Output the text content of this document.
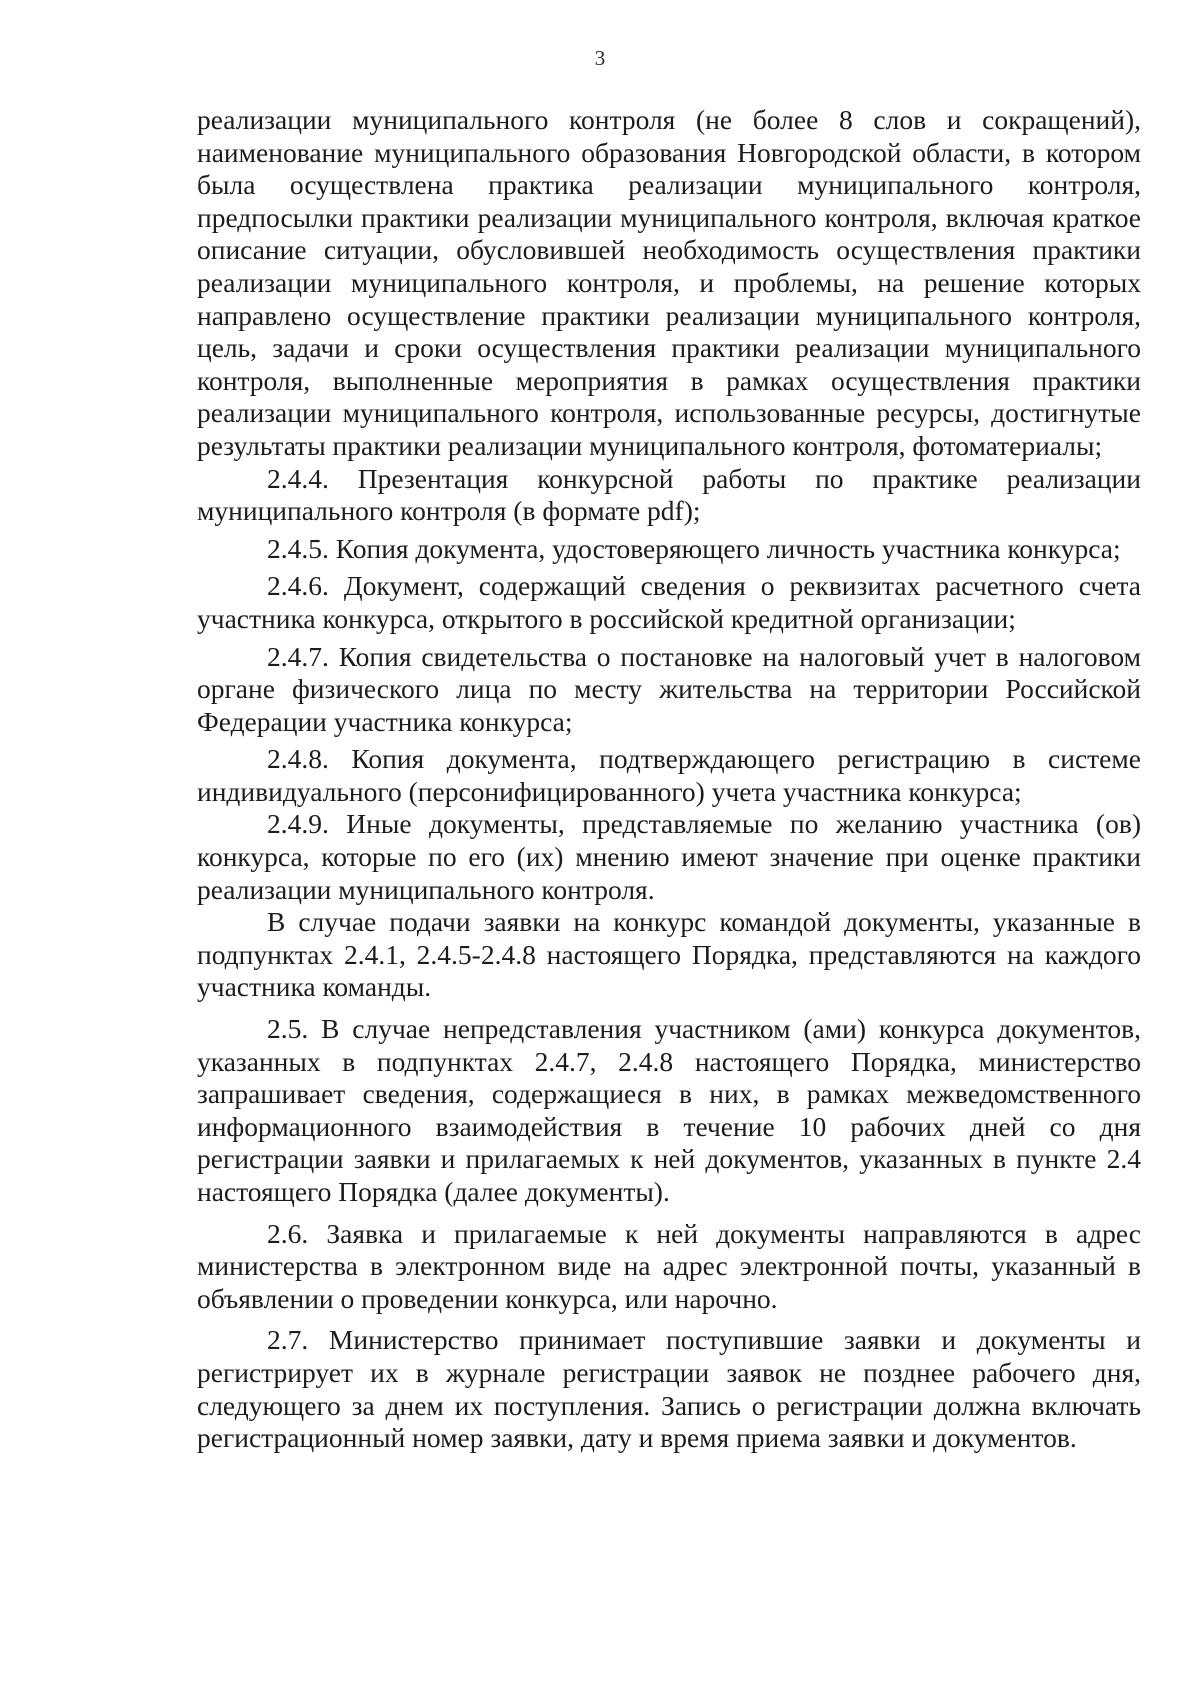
3

реализации муниципального контроля (не более 8 слов и сокращений), наименование муниципального образования Новгородской области, в котором была осуществлена практика реализации муниципального контроля, предпосылки практики реализации муниципального контроля, включая краткое описание ситуации, обусловившей необходимость осуществления практики реализации муниципального контроля, и проблемы, на решение которых направлено осуществление практики реализации муниципального контроля, цель, задачи и сроки осуществления практики реализации муниципального контроля, выполненные мероприятия в рамках осуществления практики реализации муниципального контроля, использованные ресурсы, достигнутые результаты практики реализации муниципального контроля, фотоматериалы;

2.4.4. Презентация конкурсной работы по практике реализации муниципального контроля (в формате pdf);

2.4.5. Копия документа, удостоверяющего личность участника конкурса;

2.4.6. Документ, содержащий сведения о реквизитах расчетного счета участника конкурса, открытого в российской кредитной организации;

2.4.7. Копия свидетельства о постановке на налоговый учет в налоговом органе физического лица по месту жительства на территории Российской Федерации участника конкурса;

2.4.8. Копия документа, подтверждающего регистрацию в системе индивидуального (персонифицированного) учета участника конкурса;

2.4.9. Иные документы, представляемые по желанию участника (ов) конкурса, которые по его (их) мнению имеют значение при оценке практики реализации муниципального контроля.

В случае подачи заявки на конкурс командой документы, указанные в подпунктах 2.4.1, 2.4.5-2.4.8 настоящего Порядка, представляются на каждого участника команды.

2.5. В случае непредставления участником (ами) конкурса документов, указанных в подпунктах 2.4.7, 2.4.8 настоящего Порядка, министерство запрашивает сведения, содержащиеся в них, в рамках межведомственного информационного взаимодействия в течение 10 рабочих дней со дня регистрации заявки и прилагаемых к ней документов, указанных в пункте 2.4 настоящего Порядка (далее документы).

2.6. Заявка и прилагаемые к ней документы направляются в адрес министерства в электронном виде на адрес электронной почты, указанный в объявлении о проведении конкурса, или нарочно.

2.7. Министерство принимает поступившие заявки и документы и регистрирует их в журнале регистрации заявок не позднее рабочего дня, следующего за днем их поступления. Запись о регистрации должна включать регистрационный номер заявки, дату и время приема заявки и документов.
